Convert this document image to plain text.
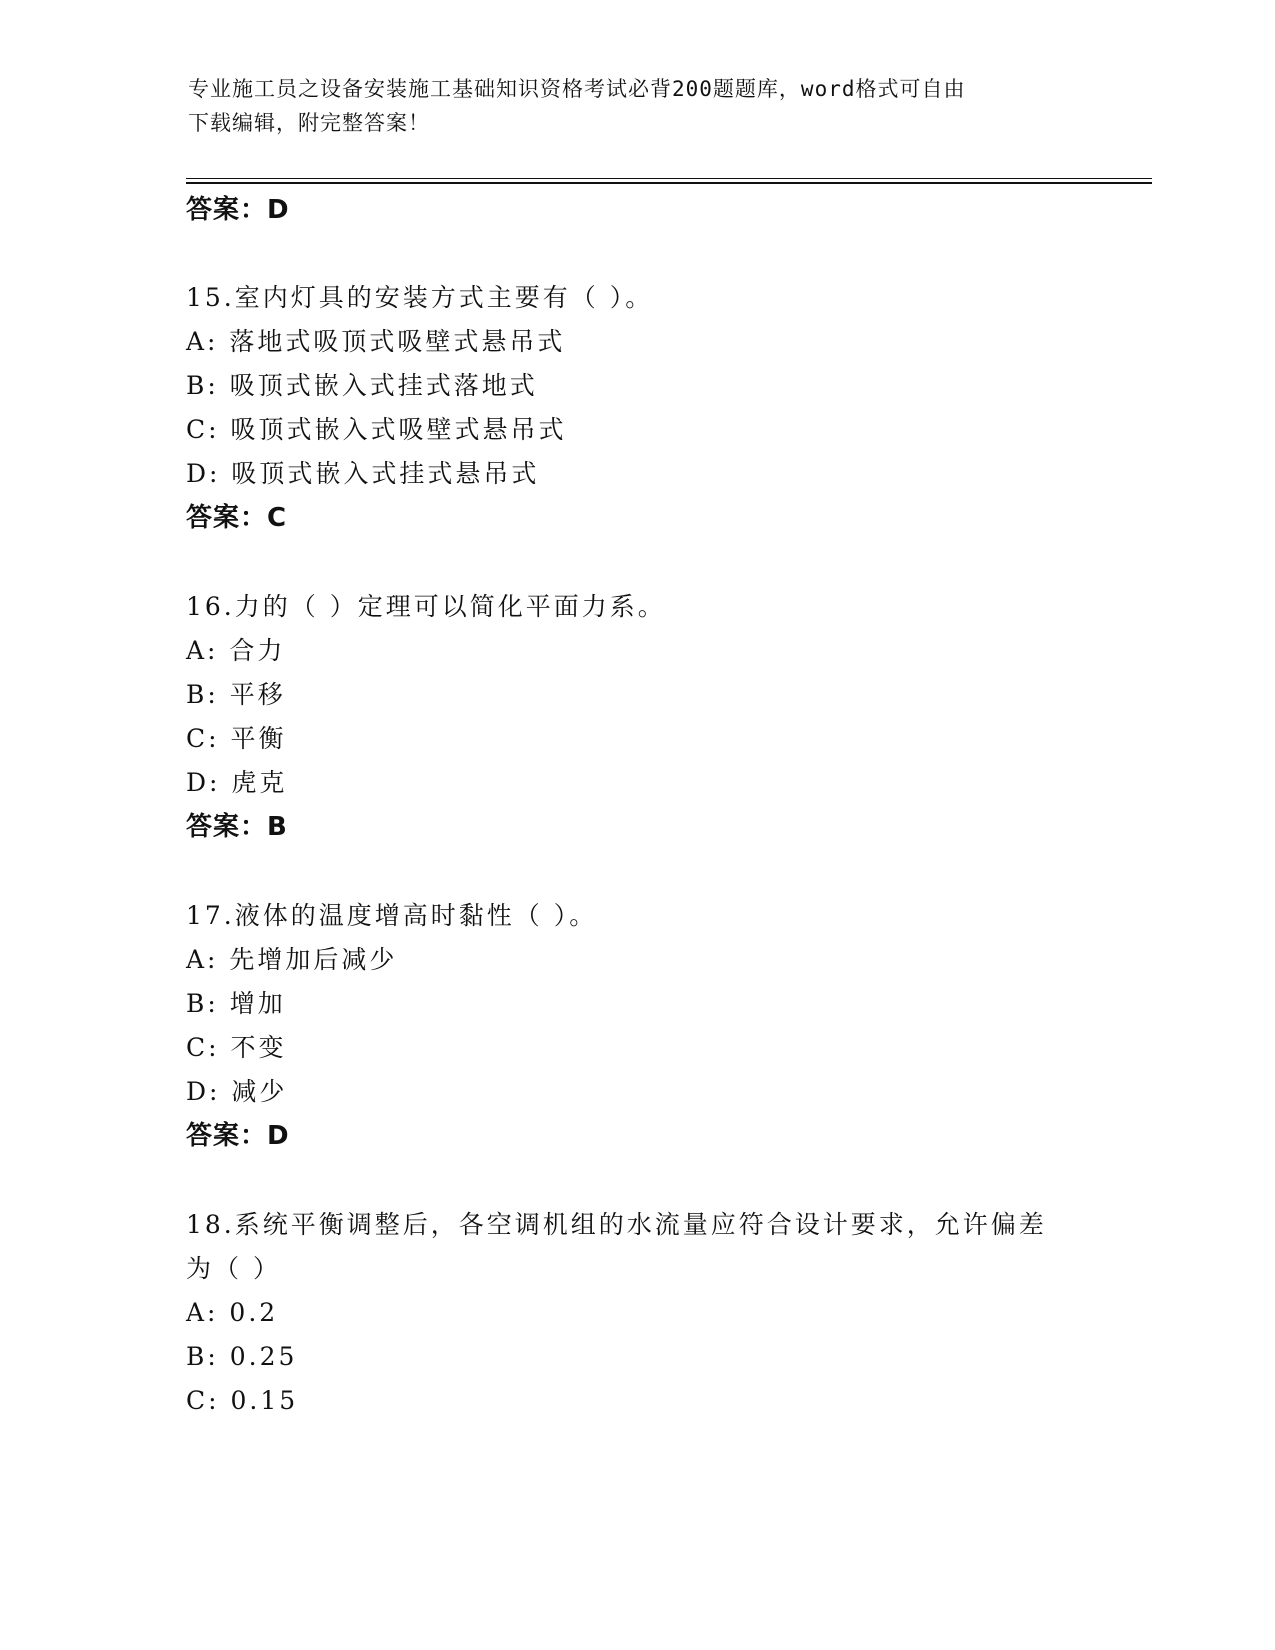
专业施工员之设备安装施工基础知识资格考试必背200题题库，word格式可自由
下载编辑，附完整答案！
答案：D
15.室内灯具的安装方式主要有（ ）。
A: 落地式吸顶式吸壁式悬吊式
B: 吸顶式嵌入式挂式落地式
C: 吸顶式嵌入式吸壁式悬吊式
D: 吸顶式嵌入式挂式悬吊式
答案：C
16.力的（ ）定理可以简化平面力系。
A: 合力
B: 平移
C: 平衡
D: 虎克
答案：B
17.液体的温度增高时黏性（ ）。
A: 先增加后减少
B: 增加
C: 不变
D: 减少
答案：D
18.系统平衡调整后，各空调机组的水流量应符合设计要求，允许偏差
为（ ）
A: 0.2
B: 0.25
C: 0.15
